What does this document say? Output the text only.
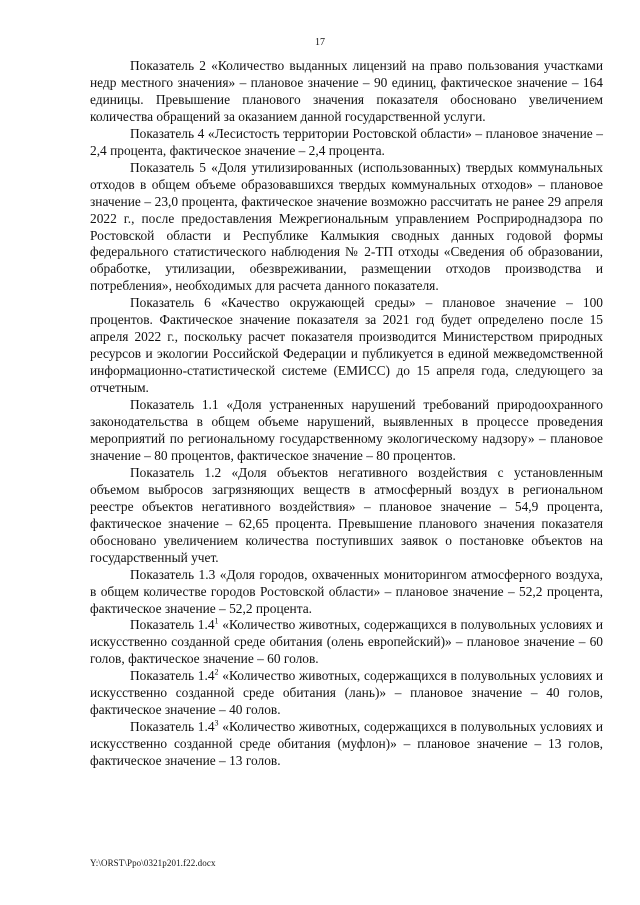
17

Показатель 2 «Количество выданных лицензий на право пользования участками недр местного значения» – плановое значение – 90 единиц, фактическое значение – 164 единицы. Превышение планового значения показателя обосновано увеличением количества обращений за оказанием данной государственной услуги.

Показатель 4 «Лесистость территории Ростовской области» – плановое значение – 2,4 процента, фактическое значение – 2,4 процента.

Показатель 5 «Доля утилизированных (использованных) твердых коммунальных отходов в общем объеме образовавшихся твердых коммунальных отходов» – плановое значение – 23,0 процента, фактическое значение возможно рассчитать не ранее 29 апреля 2022 г., после предоставления Межрегиональным управлением Росприроднадзора по Ростовской области и Республике Калмыкия сводных данных годовой формы федерального статистического наблюдения № 2-ТП отходы «Сведения об образовании, обработке, утилизации, обезвреживании, размещении отходов производства и потребления», необходимых для расчета данного показателя.

Показатель 6 «Качество окружающей среды» – плановое значение – 100 процентов. Фактическое значение показателя за 2021 год будет определено после 15 апреля 2022 г., поскольку расчет показателя производится Министерством природных ресурсов и экологии Российской Федерации и публикуется в единой межведомственной информационно-статистической системе (ЕМИСС) до 15 апреля года, следующего за отчетным.

Показатель 1.1 «Доля устраненных нарушений требований природоохранного законодательства в общем объеме нарушений, выявленных в процессе проведения мероприятий по региональному государственному экологическому надзору» – плановое значение – 80 процентов, фактическое значение – 80 процентов.

Показатель 1.2 «Доля объектов негативного воздействия с установленным объемом выбросов загрязняющих веществ в атмосферный воздух в региональном реестре объектов негативного воздействия» – плановое значение – 54,9 процента, фактическое значение – 62,65 процента. Превышение планового значения показателя обосновано увеличением количества поступивших заявок о постановке объектов на государственный учет.

Показатель 1.3 «Доля городов, охваченных мониторингом атмосферного воздуха, в общем количестве городов Ростовской области» – плановое значение – 52,2 процента, фактическое значение – 52,2 процента.

Показатель $1.4^1$ «Количество животных, содержащихся в полувольных условиях и искусственно созданной среде обитания (олень европейский)» – плановое значение – 60 голов, фактическое значение – 60 голов.

Показатель $1.4^2$ «Количество животных, содержащихся в полувольных условиях и искусственно созданной среде обитания (лань)» – плановое значение – 40 голов, фактическое значение – 40 голов.

Показатель $1.4^3$ «Количество животных, содержащихся в полувольных условиях и искусственно созданной среде обитания (муфлон)» – плановое значение – 13 голов, фактическое значение – 13 голов.

Y:\ORST\Ppo\0321p201.f22.docx
